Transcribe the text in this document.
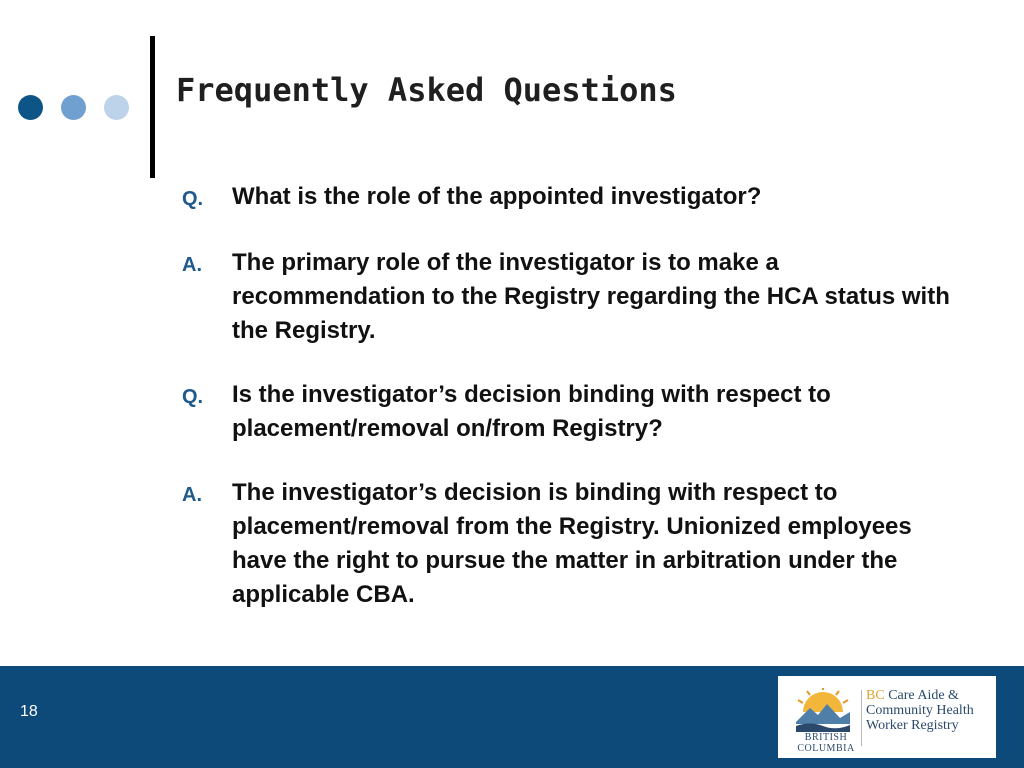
Frequently Asked Questions
Q.	What is the role of the appointed investigator?
A.	The primary role of the investigator is to make a recommendation to the Registry regarding the HCA status with the Registry.
Q.	Is the investigator’s decision binding with respect to placement/removal on/from Registry?
A.	The investigator’s decision is binding with respect to placement/removal from the Registry. Unionized employees have the right to pursue the matter in arbitration under the applicable CBA.
18
BRITISH
COLUMBIA
BC Care Aide &
Community Health
Worker Registry
